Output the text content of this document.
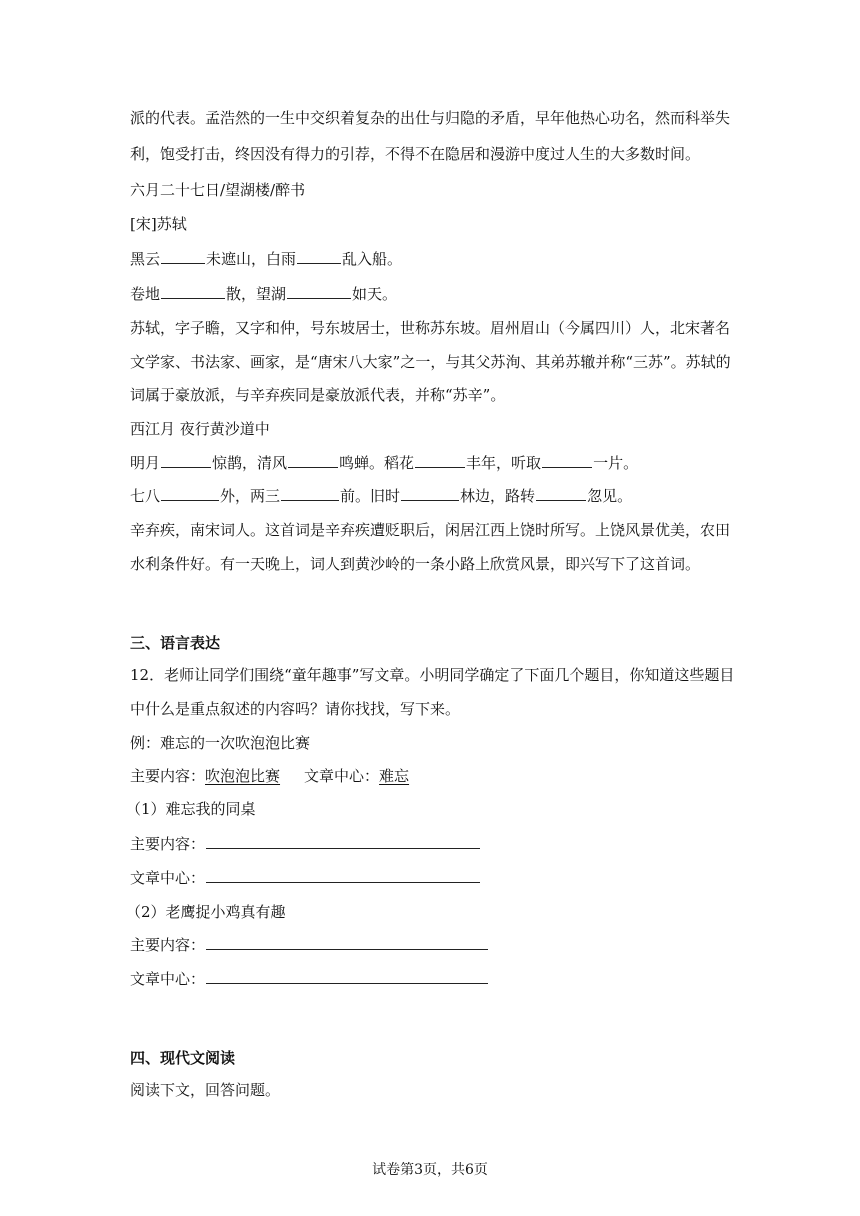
派的代表。孟浩然的一生中交织着复杂的出仕与归隐的矛盾，早年他热心功名，然而科举失
利，饱受打击，终因没有得力的引荐，不得不在隐居和漫游中度过人生的大多数时间。
六月二十七日/望湖楼/醉书
[宋]苏轼
黑云	未遮山，白雨	乱入船。
卷地	散，望湖	如天。
苏轼，字子瞻，又字和仲，号东坡居士，世称苏东坡。眉州眉山（今属四川）人，北宋著名
文学家、书法家、画家，是“唐宋八大家”之一，与其父苏洵、其弟苏辙并称“三苏”。苏轼的
词属于豪放派，与辛弃疾同是豪放派代表，并称“苏辛”。
西江月 夜行黄沙道中
明月	惊鹊，清风	鸣蝉。稻花	丰年，听取	一片。
七八	外，两三	前。旧时	林边，路转	忽见。
辛弃疾，南宋词人。这首词是辛弃疾遭贬职后，闲居江西上饶时所写。上饶风景优美，农田
水利条件好。有一天晚上，词人到黄沙岭的一条小路上欣赏风景，即兴写下了这首词。
三、语言表达
12．老师让同学们围绕“童年趣事”写文章。小明同学确定了下面几个题目，你知道这些题目
中什么是重点叙述的内容吗？请你找找，写下来。
例：难忘的一次吹泡泡比赛
主要内容：吹泡泡比赛 文章中心：难忘
（1）难忘我的同桌
主要内容：
文章中心：
（2）老鹰捉小鸡真有趣
主要内容：
文章中心：
四、现代文阅读
阅读下文，回答问题。
试卷第3页，共6页
